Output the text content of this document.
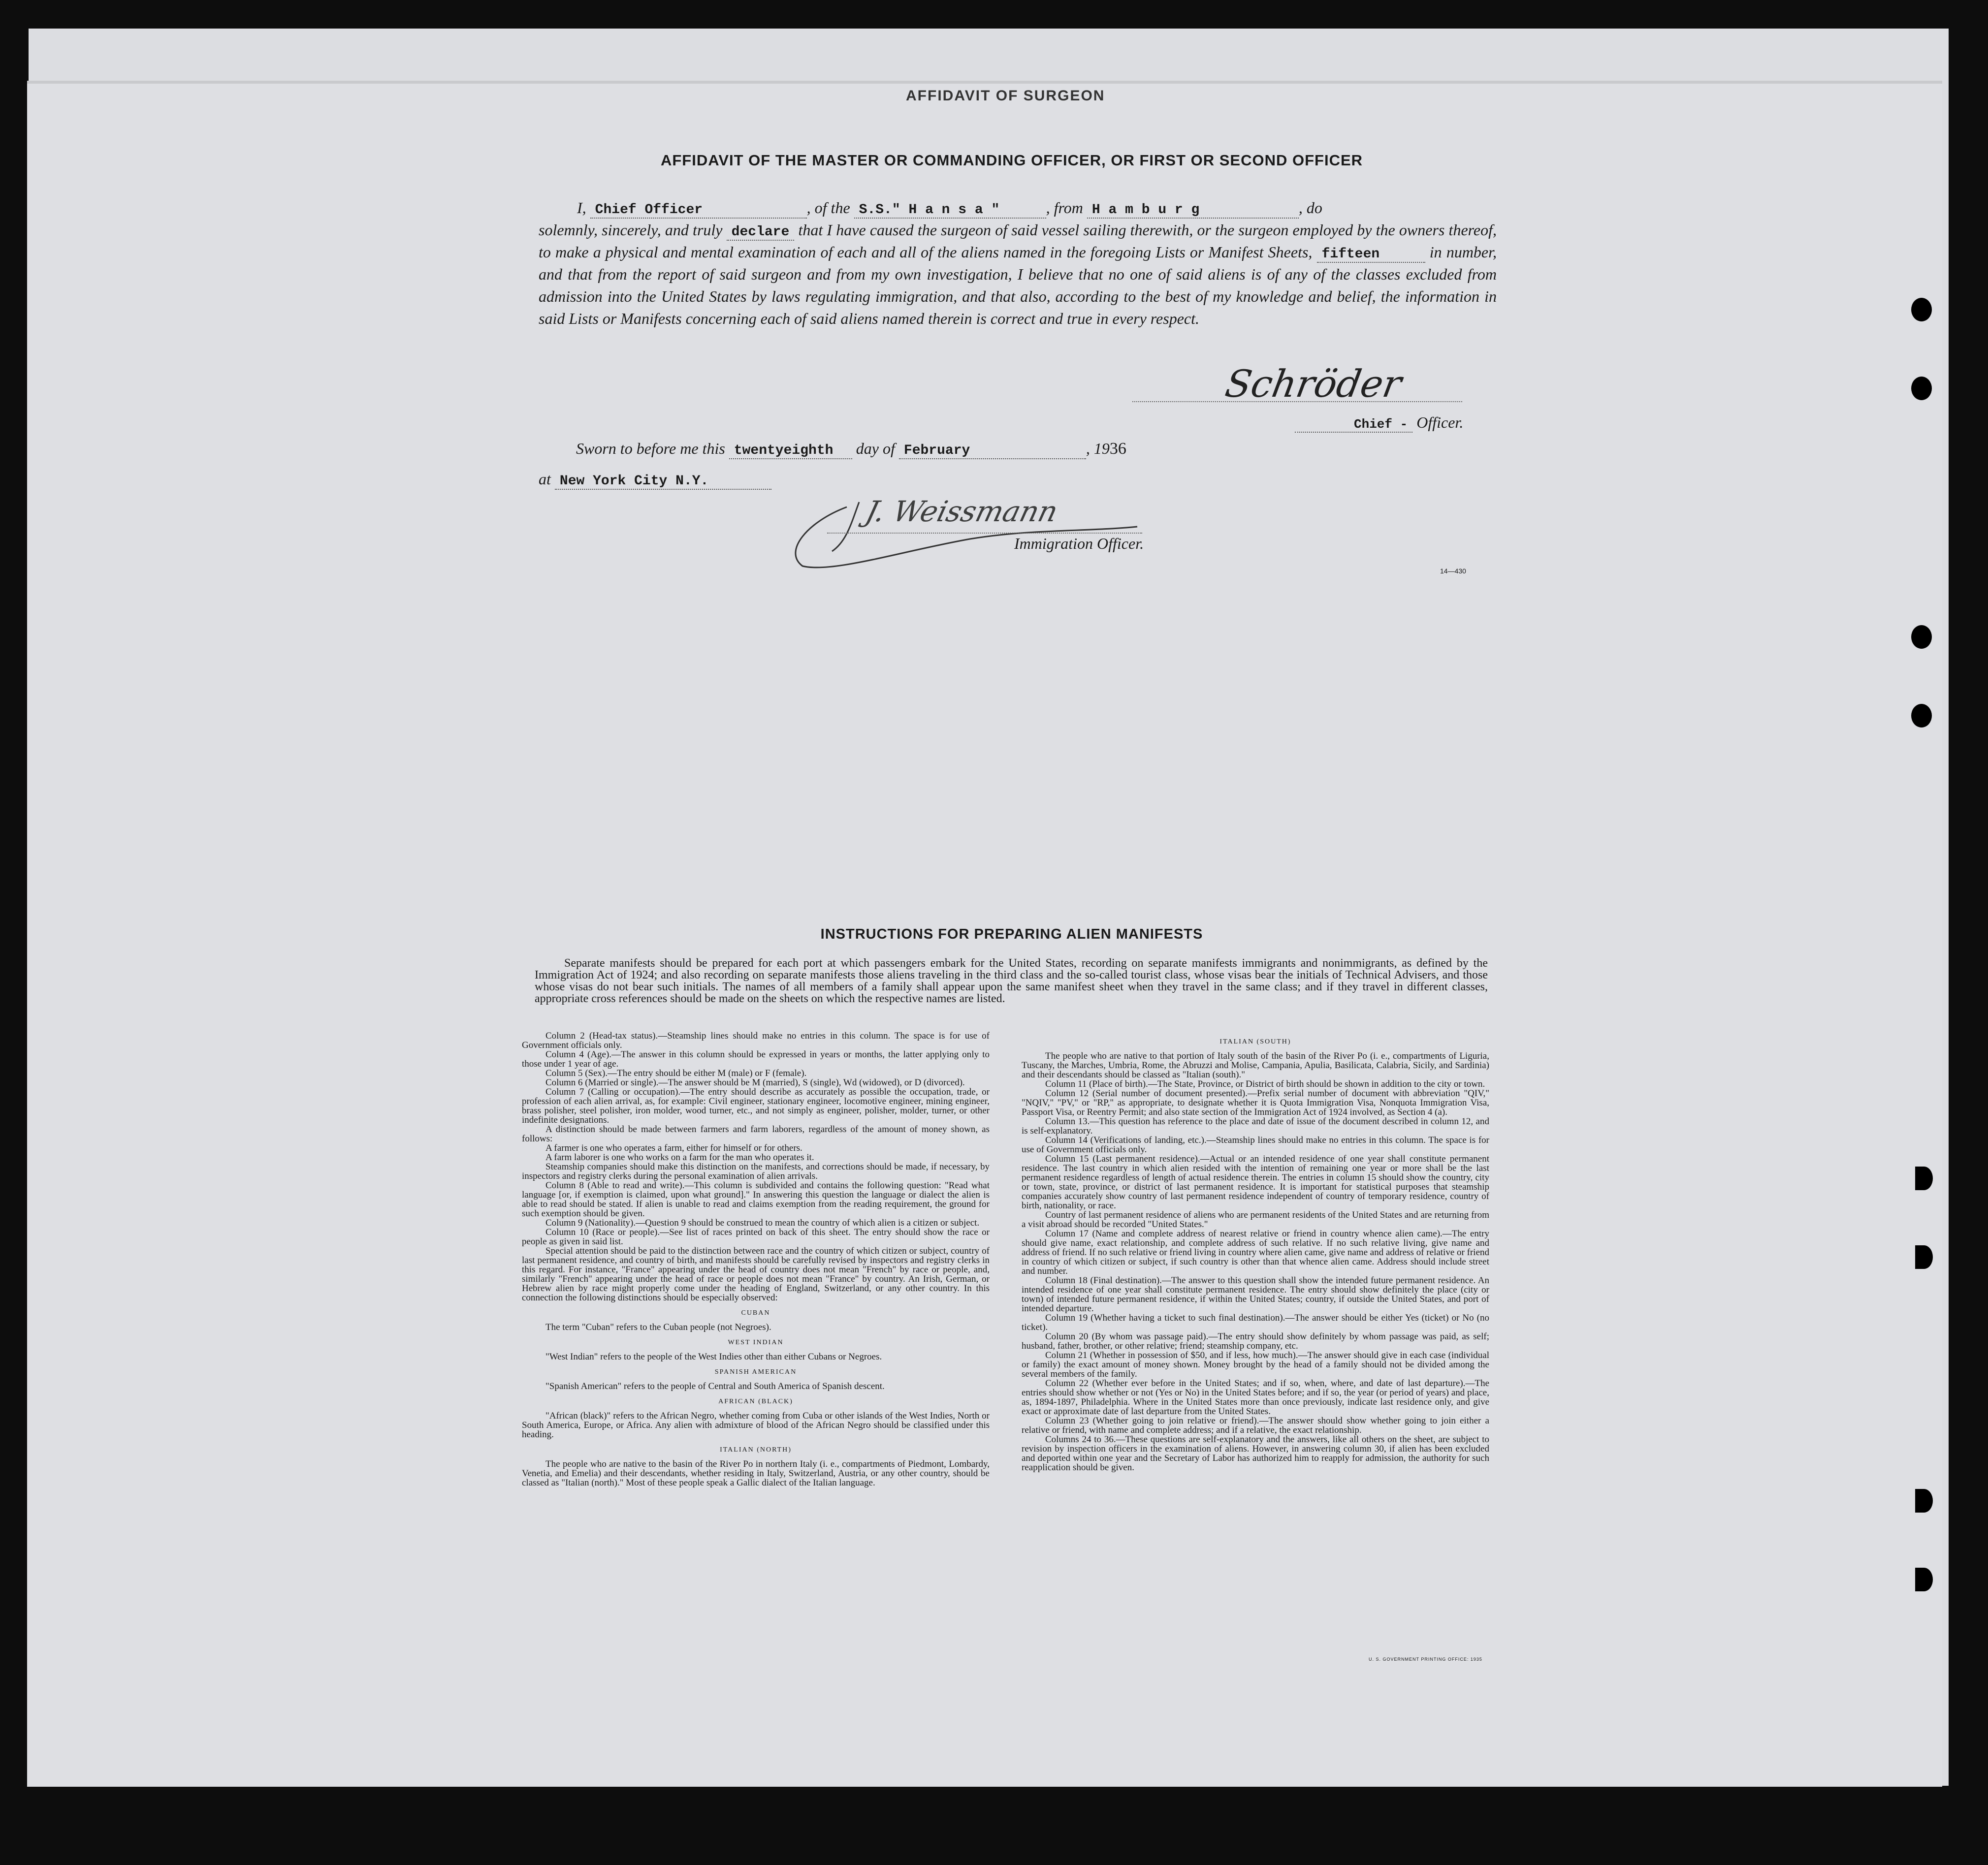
AFFIDAVIT OF SURGEON
AFFIDAVIT OF THE MASTER OR COMMANDING OFFICER, OR FIRST OR SECOND OFFICER
I, Chief Officer	, of the S.S." H a n s a "	, from H a m b u r g	, do
solemnly, sincerely, and truly declare that I have caused the surgeon of said vessel sailing therewith, or the surgeon employed by the owners thereof, to make a physical and mental examination of each and all of the aliens named in the foregoing Lists or Manifest Sheets, fifteen	in number, and that from the report of said surgeon and from my own investigation, I believe that no one of said aliens is of any of the classes excluded from admission into the United States by laws regulating immigration, and that also, according to the best of my knowledge and belief, the information in said Lists or Manifests concerning each of said aliens named therein is correct and true in every respect.
Schröder
Chief - Officer.
Sworn to before me this twentyeighth day of February	, 1936
at New York City N.Y.
J. Weissmann
Immigration Officer.
14—430
INSTRUCTIONS FOR PREPARING ALIEN MANIFESTS
Separate manifests should be prepared for each port at which passengers embark for the United States, recording on separate manifests immigrants and nonimmigrants, as defined by the Immigration Act of 1924; and also recording on separate manifests those aliens traveling in the third class and the so-called tourist class, whose visas bear the initials of Technical Advisers, and those whose visas do not bear such initials. The names of all members of a family shall appear upon the same manifest sheet when they travel in the same class; and if they travel in different classes, appropriate cross references should be made on the sheets on which the respective names are listed.

Column 2 (Head-tax status).—Steamship lines should make no entries in this column. The space is for use of Government officials only.

Column 4 (Age).—The answer in this column should be expressed in years or months, the latter applying only to those under 1 year of age.

Column 5 (Sex).—The entry should be either M (male) or F (female).

Column 6 (Married or single).—The answer should be M (married), S (single), Wd (widowed), or D (divorced).

Column 7 (Calling or occupation).—The entry should describe as accurately as possible the occupation, trade, or profession of each alien arrival, as, for example: Civil engineer, stationary engineer, locomotive engineer, mining engineer, brass polisher, steel polisher, iron molder, wood turner, etc., and not simply as engineer, polisher, molder, turner, or other indefinite designations.

A distinction should be made between farmers and farm laborers, regardless of the amount of money shown, as follows:

A farmer is one who operates a farm, either for himself or for others.

A farm laborer is one who works on a farm for the man who operates it.

Steamship companies should make this distinction on the manifests, and corrections should be made, if necessary, by inspectors and registry clerks during the personal examination of alien arrivals.

Column 8 (Able to read and write).—This column is subdivided and contains the following question: "Read what language [or, if exemption is claimed, upon what ground]." In answering this question the language or dialect the alien is able to read should be stated. If alien is unable to read and claims exemption from the reading requirement, the ground for such exemption should be given.

Column 9 (Nationality).—Question 9 should be construed to mean the country of which alien is a citizen or subject.

Column 10 (Race or people).—See list of races printed on back of this sheet. The entry should show the race or people as given in said list.

Special attention should be paid to the distinction between race and the country of which citizen or subject, country of last permanent residence, and country of birth, and manifests should be carefully revised by inspectors and registry clerks in this regard. For instance, "France" appearing under the head of country does not mean "French" by race or people, and, similarly "French" appearing under the head of race or people does not mean "France" by country. An Irish, German, or Hebrew alien by race might properly come under the heading of England, Switzerland, or any other country. In this connection the following distinctions should be especially observed:

CUBAN

The term "Cuban" refers to the Cuban people (not Negroes).

WEST INDIAN

"West Indian" refers to the people of the West Indies other than either Cubans or Negroes.

SPANISH AMERICAN

"Spanish American" refers to the people of Central and South America of Spanish descent.

AFRICAN (BLACK)

"African (black)" refers to the African Negro, whether coming from Cuba or other islands of the West Indies, North or South America, Europe, or Africa. Any alien with admixture of blood of the African Negro should be classified under this heading.

ITALIAN (NORTH)

The people who are native to the basin of the River Po in northern Italy (i. e., compartments of Piedmont, Lombardy, Venetia, and Emelia) and their descendants, whether residing in Italy, Switzerland, Austria, or any other country, should be classed as "Italian (north)." Most of these people speak a Gallic dialect of the Italian language.

ITALIAN (SOUTH)

The people who are native to that portion of Italy south of the basin of the River Po (i. e., compartments of Liguria, Tuscany, the Marches, Umbria, Rome, the Abruzzi and Molise, Campania, Apulia, Basilicata, Calabria, Sicily, and Sardinia) and their descendants should be classed as "Italian (south)."

Column 11 (Place of birth).—The State, Province, or District of birth should be shown in addition to the city or town.

Column 12 (Serial number of document presented).—Prefix serial number of document with abbreviation "QIV," "NQIV," "PV," or "RP," as appropriate, to designate whether it is Quota Immigration Visa, Nonquota Immigration Visa, Passport Visa, or Reentry Permit; and also state section of the Immigration Act of 1924 involved, as Section 4 (a).

Column 13.—This question has reference to the place and date of issue of the document described in column 12, and is self-explanatory.

Column 14 (Verifications of landing, etc.).—Steamship lines should make no entries in this column. The space is for use of Government officials only.

Column 15 (Last permanent residence).—Actual or an intended residence of one year shall constitute permanent residence. The last country in which alien resided with the intention of remaining one year or more shall be the last permanent residence regardless of length of actual residence therein. The entries in column 15 should show the country, city or town, state, province, or district of last permanent residence. It is important for statistical purposes that steamship companies accurately show country of last permanent residence independent of country of temporary residence, country of birth, nationality, or race.

Country of last permanent residence of aliens who are permanent residents of the United States and are returning from a visit abroad should be recorded "United States."

Column 17 (Name and complete address of nearest relative or friend in country whence alien came).—The entry should give name, exact relationship, and complete address of such relative. If no such relative living, give name and address of friend. If no such relative or friend living in country where alien came, give name and address of relative or friend in country of which citizen or subject, if such country is other than that whence alien came. Address should include street and number.

Column 18 (Final destination).—The answer to this question shall show the intended future permanent residence. An intended residence of one year shall constitute permanent residence. The entry should show definitely the place (city or town) of intended future permanent residence, if within the United States; country, if outside the United States, and port of intended departure.

Column 19 (Whether having a ticket to such final destination).—The answer should be either Yes (ticket) or No (no ticket).

Column 20 (By whom was passage paid).—The entry should show definitely by whom passage was paid, as self; husband, father, brother, or other relative; friend; steamship company, etc.

Column 21 (Whether in possession of $50, and if less, how much).—The answer should give in each case (individual or family) the exact amount of money shown. Money brought by the head of a family should not be divided among the several members of the family.

Column 22 (Whether ever before in the United States; and if so, when, where, and date of last departure).—The entries should show whether or not (Yes or No) in the United States before; and if so, the year (or period of years) and place, as, 1894-1897, Philadelphia. Where in the United States more than once previously, indicate last residence only, and give exact or approximate date of last departure from the United States.

Column 23 (Whether going to join relative or friend).—The answer should show whether going to join either a relative or friend, with name and complete address; and if a relative, the exact relationship.

Columns 24 to 36.—These questions are self-explanatory and the answers, like all others on the sheet, are subject to revision by inspection officers in the examination of aliens. However, in answering column 30, if alien has been excluded and deported within one year and the Secretary of Labor has authorized him to reapply for admission, the authority for such reapplication should be given.

U. S. GOVERNMENT PRINTING OFFICE: 1935
